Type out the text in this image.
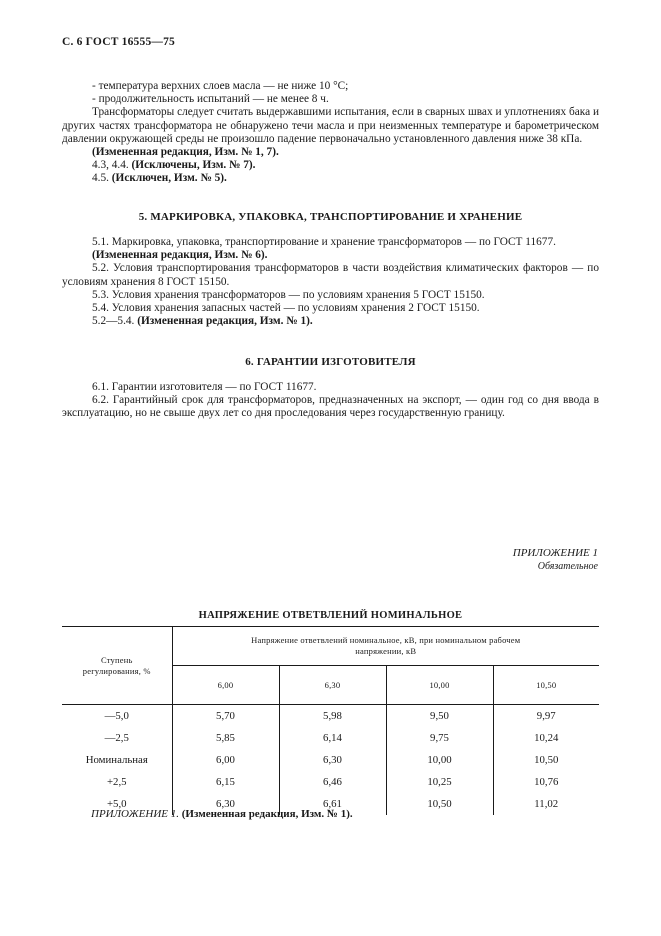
С. 6 ГОСТ 16555—75

- температура верхних слоев масла — не ниже 10 °С;

- продолжительность испытаний — не менее 8 ч.

Трансформаторы следует считать выдержавшими испытания, если в сварных швах и уплотнениях бака и других частях трансформатора не обнаружено течи масла и при неизменных температуре и барометрическом давлении окружающей среды не произошло падение первоначально установленного давления ниже 38 кПа.

(Измененная редакция, Изм. № 1, 7).

4.3, 4.4. (Исключены, Изм. № 7).

4.5. (Исключен, Изм. № 5).

5. МАРКИРОВКА, УПАКОВКА, ТРАНСПОРТИРОВАНИЕ И ХРАНЕНИЕ

5.1. Маркировка, упаковка, транспортирование и хранение трансформаторов — по ГОСТ 11677.

(Измененная редакция, Изм. № 6).

5.2. Условия транспортирования трансформаторов в части воздействия климатических факторов — по условиям хранения 8 ГОСТ 15150.

5.3. Условия хранения трансформаторов — по условиям хранения 5 ГОСТ 15150.

5.4. Условия хранения запасных частей — по условиям хранения 2 ГОСТ 15150.

5.2—5.4. (Измененная редакция, Изм. № 1).

6. ГАРАНТИИ ИЗГОТОВИТЕЛЯ

6.1. Гарантии изготовителя — по ГОСТ 11677.

6.2. Гарантийный срок для трансформаторов, предназначенных на экспорт, — один год со дня ввода в эксплуатацию, но не свыше двух лет со дня проследования через государственную границу.

ПРИЛОЖЕНИЕ 1
Обязательное
НАПРЯЖЕНИЕ ОТВЕТВЛЕНИЙ НОМИНАЛЬНОЕ
Ступень регулирования, %	Напряжение ответвлений номинальное, кВ, при номинальном рабочем напряжении, кВ			

	6,00	6,30	10,00	10,50
—5,0	5,70	5,98	9,50	9,97
—2,5	5,85	6,14	9,75	10,24
Номинальная	6,00	6,30	10,00	10,50
+2,5	6,15	6,46	10,25	10,76
+5,0	6,30	6,61	10,50	11,02
ПРИЛОЖЕНИЕ 1. (Измененная редакция, Изм. № 1).
